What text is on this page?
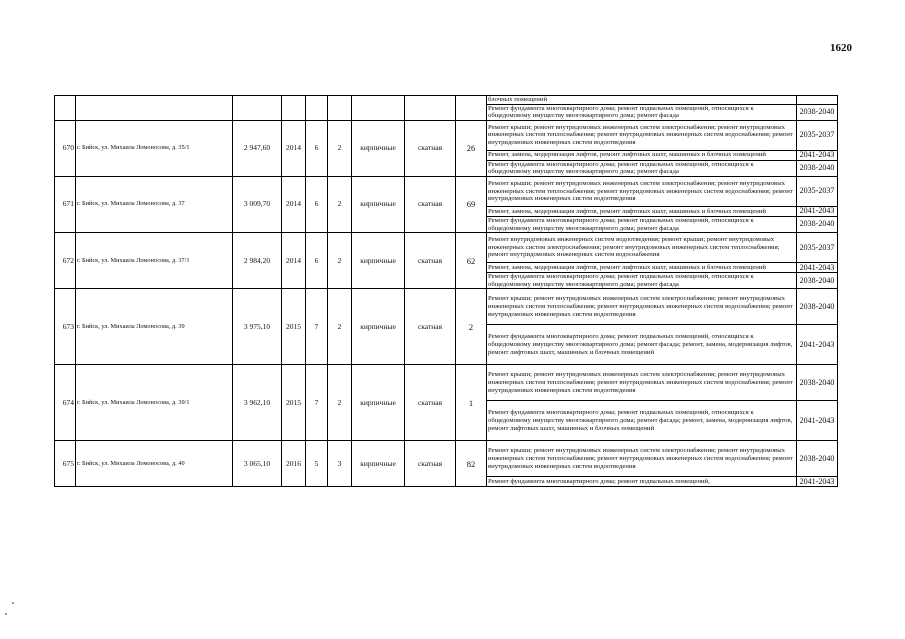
1620
									блочных помещений	
									Ремонт фундамента многоквартирного дома; ремонт подвальных помещений, относящихся к общедомовому имуществу многоквартирного дома; ремонт фасада	2038-2040
670	г. Бийск, ул. Михаила Ломоносова, д. 35/1	2 947,60	2014	6	2	кирпичные	скатная	26	Ремонт крыши; ремонт внутридомовых инженерных систем электроснабжения; ремонт внутридомовых инженерных систем теплоснабжения; ремонт внутридомовых инженерных систем водоснабжения; ремонт внутридомовых инженерных систем водоотведения	2035-2037
									Ремонт, замена, модернизация лифтов, ремонт лифтовых шахт, машинных и блочных помещений	2041-2043
									Ремонт фундамента многоквартирного дома; ремонт подвальных помещений, относящихся к общедомовому имуществу многоквартирного дома; ремонт фасада	2038-2040
671	г. Бийск, ул. Михаила Ломоносова, д. 37	3 009,70	2014	6	2	кирпичные	скатная	69	Ремонт крыши; ремонт внутридомовых инженерных систем электроснабжения; ремонт внутридомовых инженерных систем теплоснабжения; ремонт внутридомовых инженерных систем водоснабжения; ремонт внутридомовых инженерных систем водоотведения	2035-2037
									Ремонт, замена, модернизация лифтов, ремонт лифтовых шахт, машинных и блочных помещений	2041-2043
									Ремонт фундамента многоквартирного дома; ремонт подвальных помещений, относящихся к общедомовому имуществу многоквартирного дома; ремонт фасада	2038-2040
672	г. Бийск, ул. Михаила Ломоносова, д. 37/1	2 984,20	2014	6	2	кирпичные	скатная	62	Ремонт внутридомовых инженерных систем водоотведения; ремонт крыши; ремонт внутридомовых инженерных систем электроснабжения; ремонт внутридомовых инженерных систем теплоснабжения; ремонт внутридомовых инженерных систем водоснабжения	2035-2037
									Ремонт, замена, модернизация лифтов, ремонт лифтовых шахт, машинных и блочных помещений	2041-2043
									Ремонт фундамента многоквартирного дома; ремонт подвальных помещений, относящихся к общедомовому имуществу многоквартирного дома; ремонт фасада	2038-2040
673	г. Бийск, ул. Михаила Ломоносова, д. 39	3 975,10	2015	7	2	кирпичные	скатная	2	Ремонт крыши; ремонт внутридомовых инженерных систем электроснабжения; ремонт внутридомовых инженерных систем теплоснабжения; ремонт внутридомовых инженерных систем водоснабжения; ремонт внутридомовых инженерных систем водоотведения	2038-2040
									Ремонт фундамента многоквартирного дома; ремонт подвальных помещений, относящихся к общедомовому имуществу многоквартирного дома; ремонт фасада; ремонт, замена, модернизация лифтов, ремонт лифтовых шахт, машинных и блочных помещений	2041-2043
674	г. Бийск, ул. Михаила Ломоносова, д. 39/1	3 962,10	2015	7	2	кирпичные	скатная	1	Ремонт крыши; ремонт внутридомовых инженерных систем электроснабжения; ремонт внутридомовых инженерных систем теплоснабжения; ремонт внутридомовых инженерных систем водоснабжения; ремонт внутридомовых инженерных систем водоотведения	2038-2040
									Ремонт фундамента многоквартирного дома; ремонт подвальных помещений, относящихся к общедомовому имуществу многоквартирного дома; ремонт фасада; ремонт, замена, модернизация лифтов, ремонт лифтовых шахт, машинных и блочных помещений	2041-2043
675	г. Бийск, ул. Михаила Ломоносова, д. 40	3 065,10	2016	5	3	кирпичные	скатная	82	Ремонт крыши; ремонт внутридомовых инженерных систем электроснабжения; ремонт внутридомовых инженерных систем теплоснабжения; ремонт внутридомовых инженерных систем водоснабжения; ремонт внутридомовых инженерных систем водоотведения	2038-2040
									Ремонт фундамента многоквартирного дома; ремонт подвальных помещений,	2041-2043
